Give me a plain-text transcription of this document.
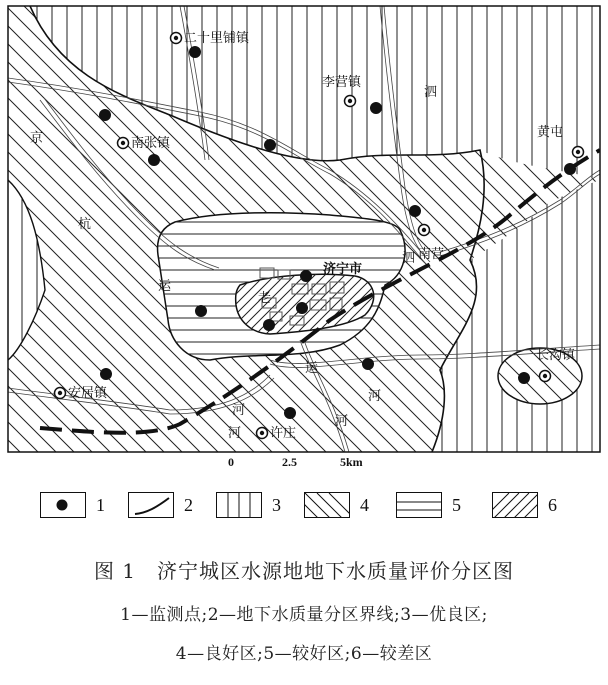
二十里铺镇
李营镇
南张镇
黄屯
南营
济宁市
安居镇
许庄
长沟镇
京
杭
运
河
泗
老
运
河
河
河
泗
0	2.5	5km
1	2	3	4	5	6
图 1　济宁城区水源地地下水质量评价分区图
1—监测点;2—地下水质量分区界线;3—优良区;
4—良好区;5—较好区;6—较差区
